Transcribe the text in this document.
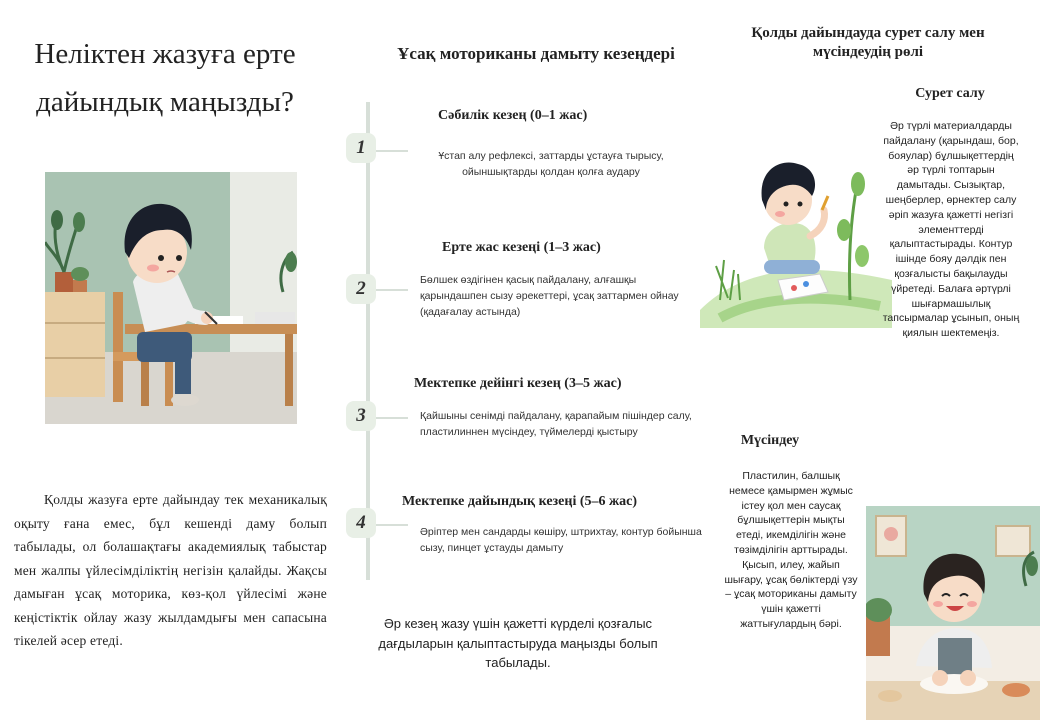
Неліктен жазуға ерте дайындық маңызды?
Қолды жазуға ерте дайындау тек механикалық оқыту ғана емес, бұл кешенді даму болып табылады, ол болашақтағы академиялық табыстар мен жалпы үйлесімділіктің негізін қалайды. Жақсы дамыған ұсақ моторика, көз-қол үйлесімі және кеңістіктік ойлау жазу жылдамдығы мен сапасына тікелей әсер етеді.
Ұсақ моториканы дамыту кезеңдері
1
2
3
4
Сәбилік кезең (0–1 жас)
Ұстап алу рефлексі, заттарды ұстауға тырысу, ойыншықтарды қолдан қолға аудару
Ерте жас кезеңі (1–3 жас)
Бөлшек өздігінен қасық пайдалану, алғашқы қарындашпен сызу әрекеттері, ұсақ заттармен ойнау (қадағалау астында)
Мектепке дейінгі кезең (3–5 жас)
Қайшыны сенімді пайдалану, қарапайым пішіндер салу, пластилиннен мүсіндеу, түймелерді қыстыру
Мектепке дайындық кезеңі (5–6 жас)
Әріптер мен сандарды көшіру, штрихтау, контур бойынша сызу, пинцет ұстауды дамыту
Әр кезең жазу үшін қажетті күрделі қозғалыс дағдыларын қалыптастыруда маңызды болып табылады.
Қолды дайындауда сурет салу мен мүсіндеудің рөлі
Сурет салу
Әр түрлі материалдарды пайдалану (қарындаш, бор, бояулар) бұлшықеттердің әр түрлі топтарын дамытады. Сызықтар, шеңберлер, өрнектер салу әріп жазуға қажетті негізгі элементтерді қалыптастырады. Контур ішінде бояу дәлдік пен қозғалысты бақылауды үйретеді. Балаға әртүрлі шығармашылық тапсырмалар ұсынып, оның қиялын шектемеңіз.
Мүсіндеу
Пластилин, балшық немесе қамырмен жұмыс істеу қол мен саусақ бұлшықеттерін мықты етеді, икемділігін және төзімділігін арттырады. Қысып, илеу, жайып шығару, ұсақ бөліктерді үзу – ұсақ моториканы дамыту үшін қажетті жаттығулардың бәрі.
